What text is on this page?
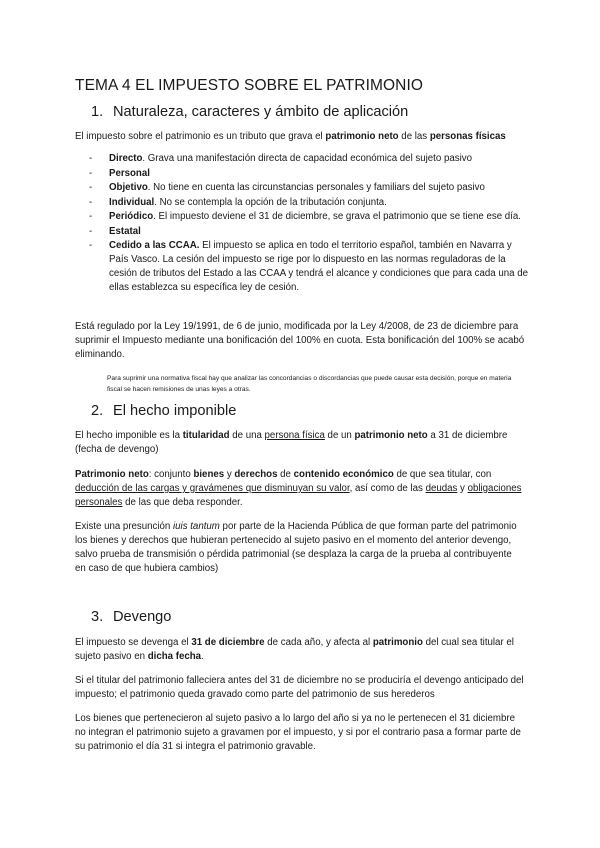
TEMA 4 EL IMPUESTO SOBRE EL PATRIMONIO
1. Naturaleza, caracteres y ámbito de aplicación
El impuesto sobre el patrimonio es un tributo que grava el patrimonio neto de las personas físicas
- Directo. Grava una manifestación directa de capacidad económica del sujeto pasivo
- Personal
- Objetivo. No tiene en cuenta las circunstancias personales y familiars del sujeto pasivo
- Individual. No se contempla la opción de la tributación conjunta.
- Periódico. El impuesto deviene el 31 de diciembre, se grava el patrimonio que se tiene ese día.
- Estatal
- Cedido a las CCAA. El impuesto se aplica en todo el territorio español, también en Navarra y País Vasco. La cesión del impuesto se rige por lo dispuesto en las normas reguladoras de la cesión de tributos del Estado a las CCAA y tendrá el alcance y condiciones que para cada una de ellas establezca su específica ley de cesión.
Está regulado por la Ley 19/1991, de 6 de junio, modificada por la Ley 4/2008, de 23 de diciembre para suprimir el Impuesto mediante una bonificación del 100% en cuota. Esta bonificación del 100% se acabó eliminando.
Para suprimir una normativa fiscal hay que analizar las concordancias o discordancias que puede causar esta decisión, porque en materia fiscal se hacen remisiones de unas leyes a otras.
2. El hecho imponible
El hecho imponible es la titularidad de una persona física de un patrimonio neto a 31 de diciembre (fecha de devengo)
Patrimonio neto: conjunto bienes y derechos de contenido económico de que sea titular, con deducción de las cargas y gravámenes que disminuyan su valor, así como de las deudas y obligaciones personales de las que deba responder.
Existe una presunción iuis tantum por parte de la Hacienda Pública de que forman parte del patrimonio los bienes y derechos que hubieran pertenecido al sujeto pasivo en el momento del anterior devengo, salvo prueba de transmisión o pérdida patrimonial (se desplaza la carga de la prueba al contribuyente en caso de que hubiera cambios)
3. Devengo
El impuesto se devenga el 31 de diciembre de cada año, y afecta al patrimonio del cual sea titular el sujeto pasivo en dicha fecha.
Si el titular del patrimonio falleciera antes del 31 de diciembre no se produciría el devengo anticipado del impuesto; el patrimonio queda gravado como parte del patrimonio de sus herederos
Los bienes que pertenecieron al sujeto pasivo a lo largo del año si ya no le pertenecen el 31 diciembre no integran el patrimonio sujeto a gravamen por el impuesto, y si por el contrario pasa a formar parte de su patrimonio el día 31 si integra el patrimonio gravable.
